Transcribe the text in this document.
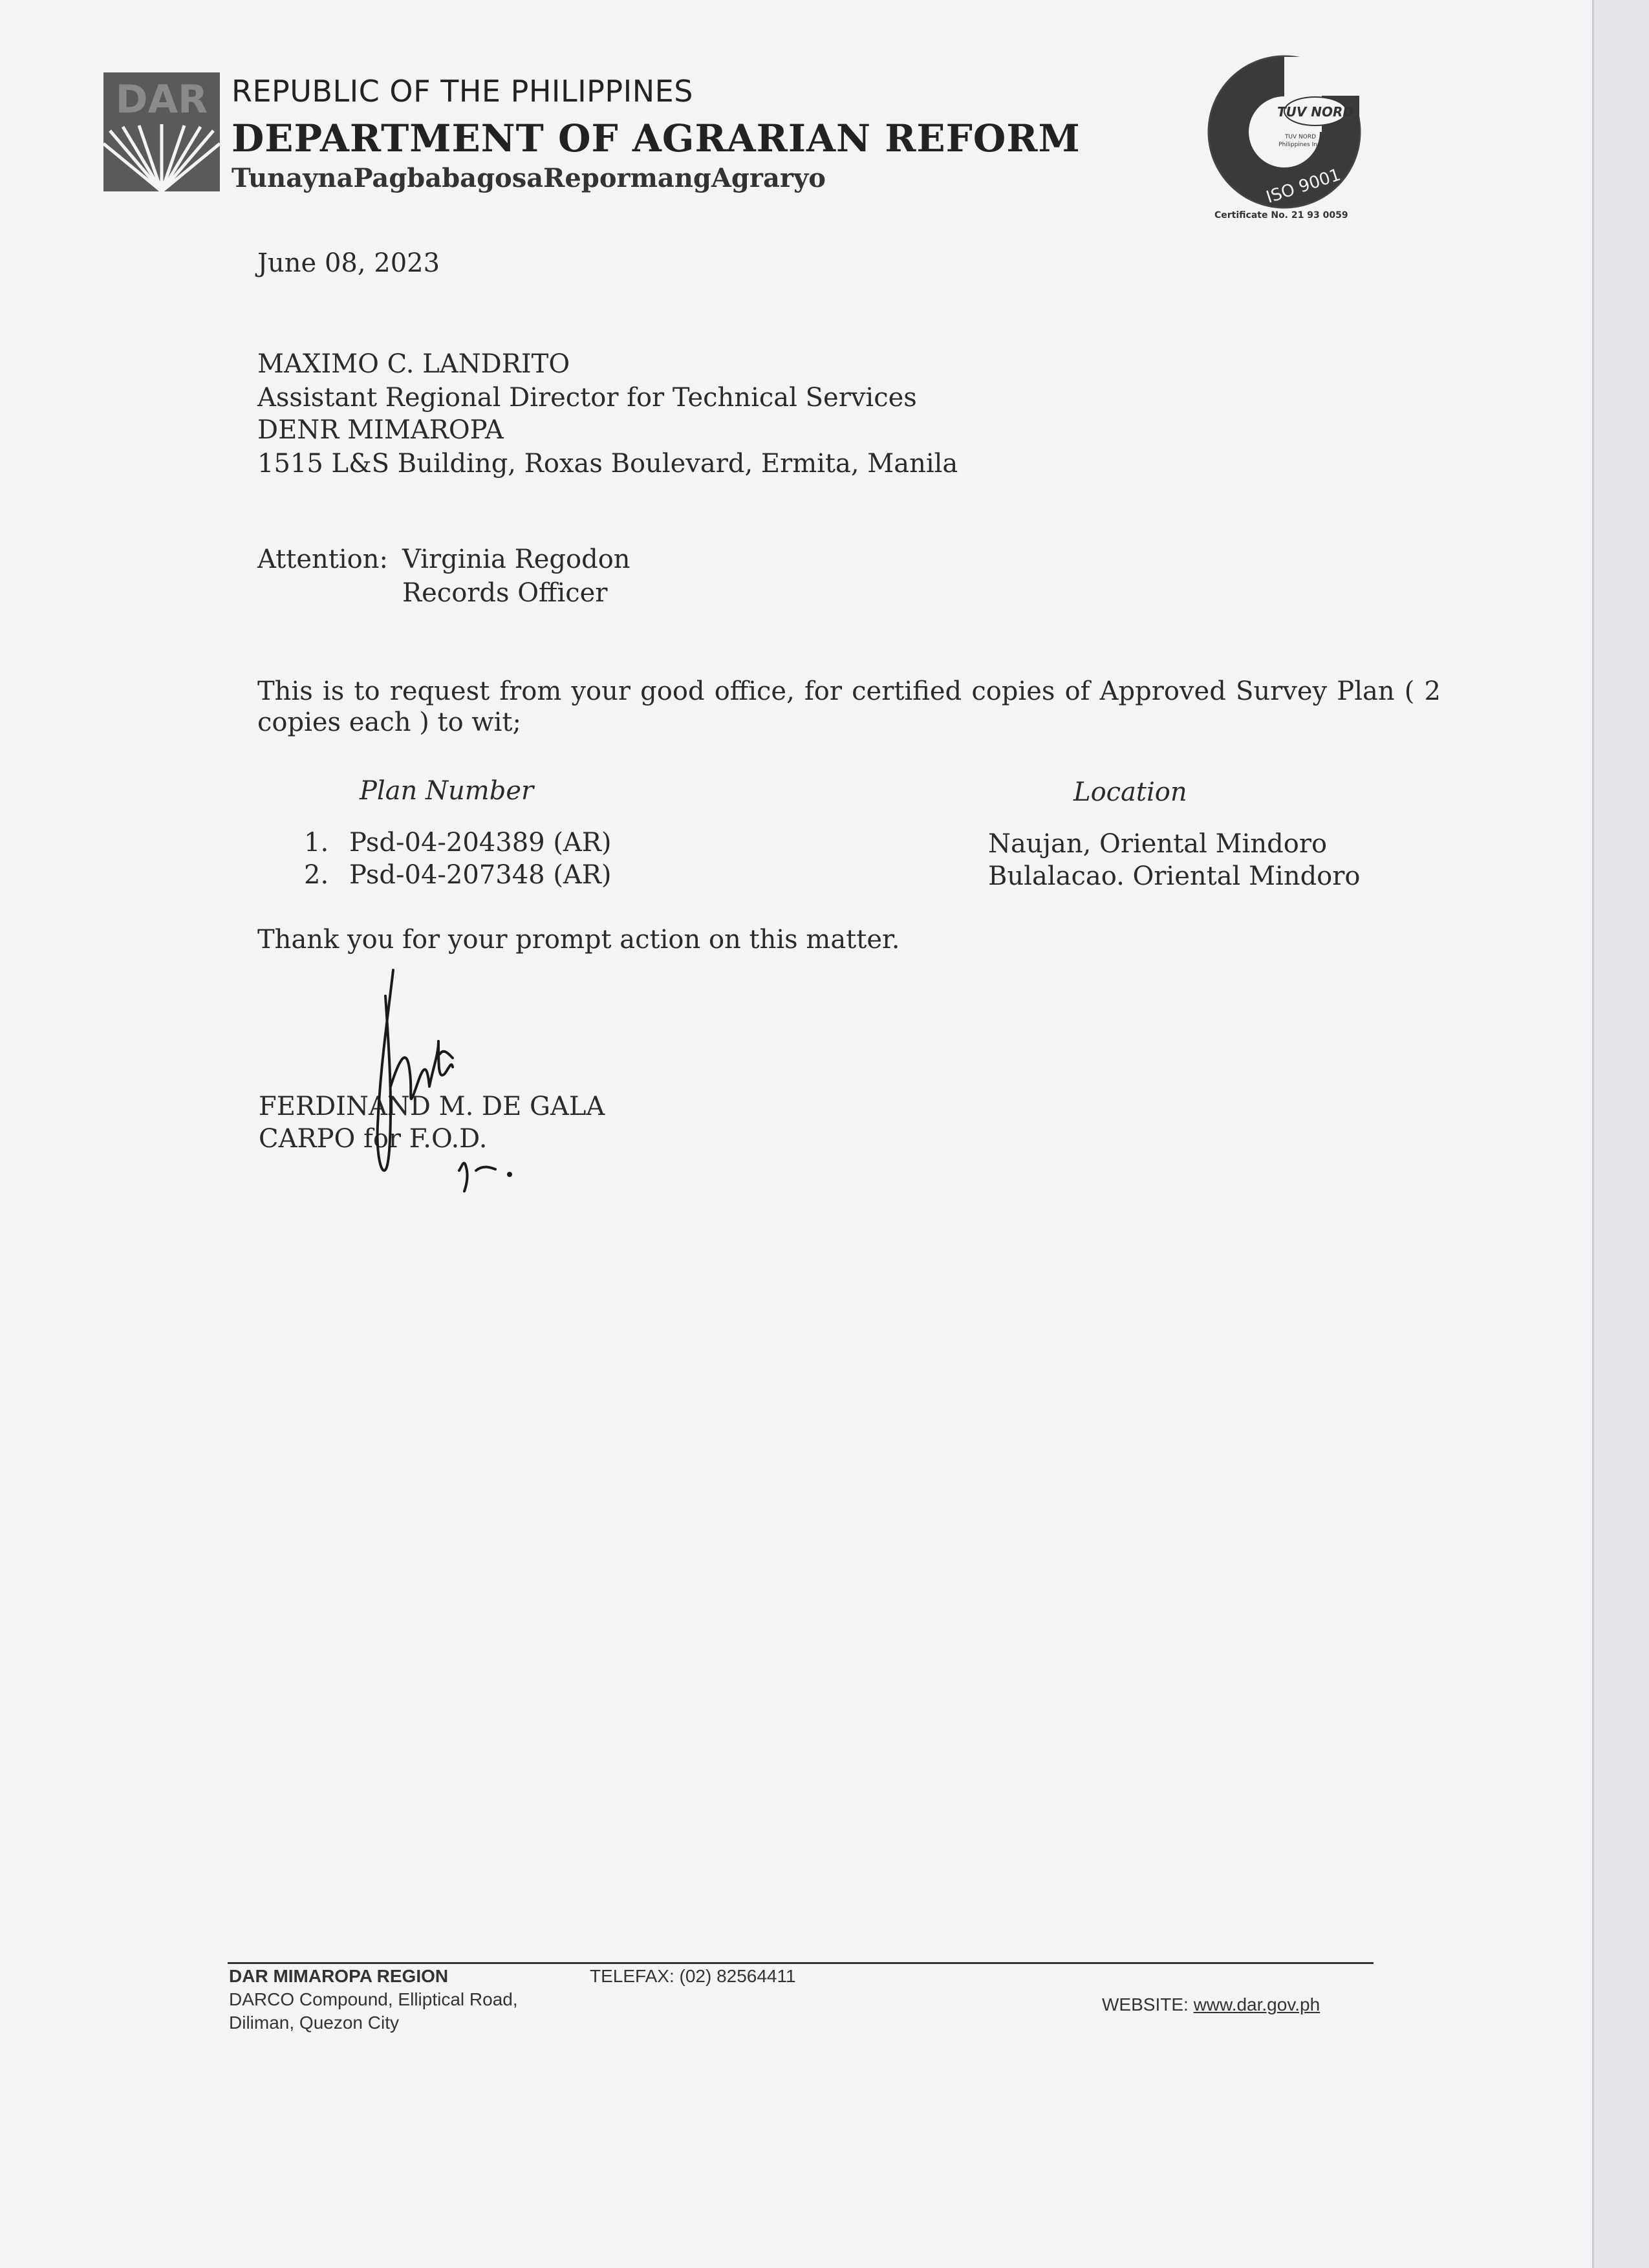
DAR REPUBLIC OF THE PHILIPPINES
DEPARTMENT OF AGRARIAN REFORM
TunaynaPagbabagosaRepormangAgraryo
TUV NORD
TUV NORD
Philippines Inc.
ISO 9001
Certificate No. 21 93 0059
June 08, 2023
MAXIMO C. LANDRITO
Assistant Regional Director for Technical Services
DENR MIMAROPA
1515 L&S Building, Roxas Boulevard, Ermita, Manila
Attention: Virginia Regodon
Records Officer
This is to request from your good office, for certified copies of Approved Survey Plan ( 2 copies each ) to wit;
Plan Number	Location
1. Psd-04-204389 (AR)	Naujan, Oriental Mindoro
2. Psd-04-207348 (AR)	Bulalacao. Oriental Mindoro
Thank you for your prompt action on this matter.
FERDINAND M. DE GALA
CARPO for F.O.D.
DAR MIMAROPA REGION
DARCO Compound, Elliptical Road,
Diliman, Quezon City
TELEFAX: (02) 82564411
WEBSITE: www.dar.gov.ph
